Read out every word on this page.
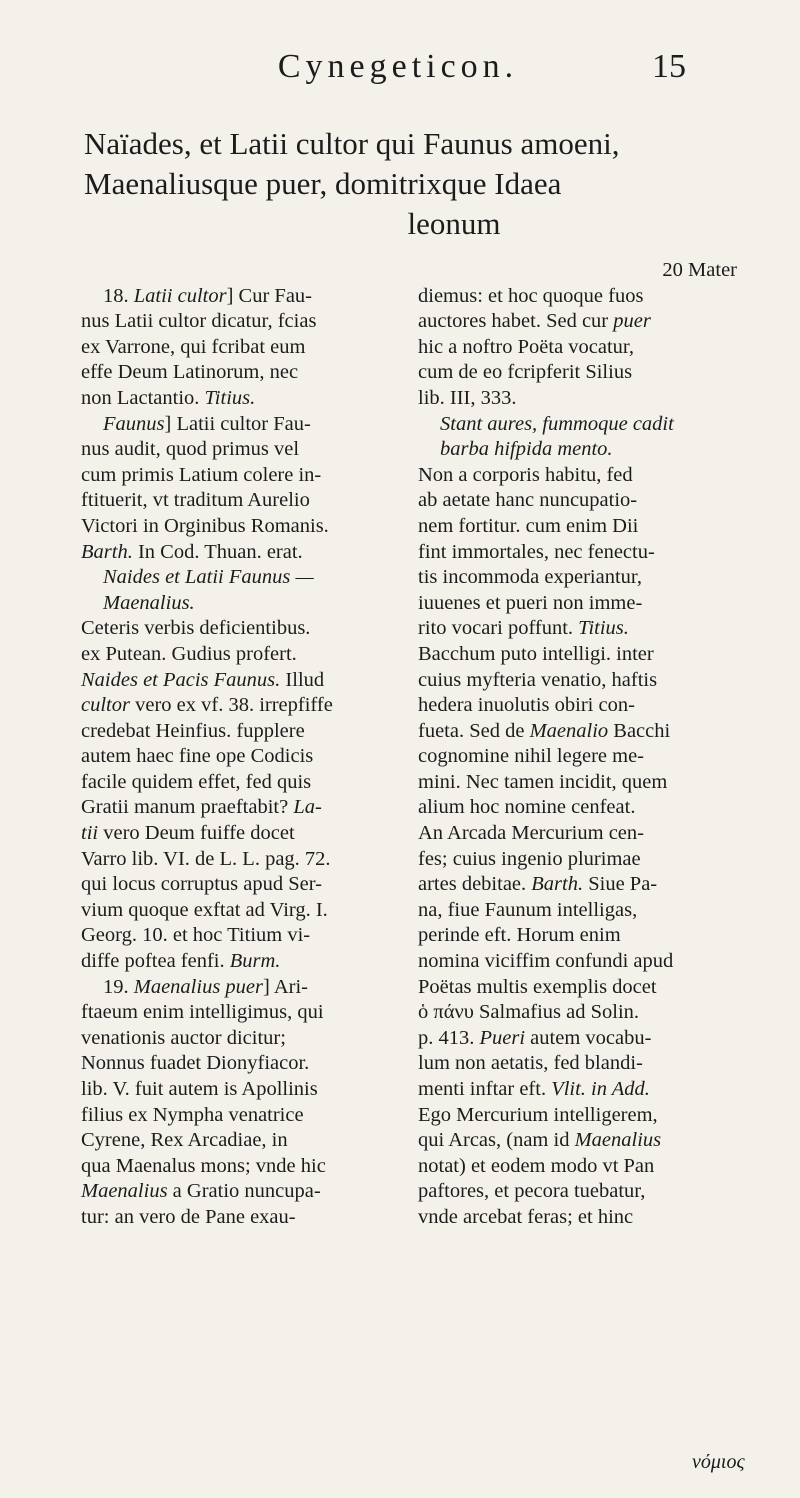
Cynegeticon.	15
Naïades, et Latii cultor qui Faunus amoeni,
Maenaliusque puer, domitrixque Idaea
leonum

18. Latii cultor] Cur Fau-

nus Latii cultor dicatur, fcias

ex Varrone, qui fcribat eum

effe Deum Latinorum, nec

non Lactantio. Titius.

Faunus] Latii cultor Fau-

nus audit, quod primus vel

cum primis Latium colere in-

ftituerit, vt traditum Aurelio

Victori in Orginibus Romanis.

Barth. In Cod. Thuan. erat.

Naides et Latii Faunus —

Maenalius.

Ceteris verbis deficientibus.

ex Putean. Gudius profert.

Naides et Pacis Faunus. Illud

cultor vero ex vf. 38. irrepfiffe

credebat Heinfius. fupplere

autem haec fine ope Codicis

facile quidem effet, fed quis

Gratii manum praeftabit? La-

tii vero Deum fuiffe docet

Varro lib. VI. de L. L. pag. 72.

qui locus corruptus apud Ser-

vium quoque exftat ad Virg. I.

Georg. 10. et hoc Titium vi-

diffe poftea fenfi. Burm.

19. Maenalius puer] Ari-

ftaeum enim intelligimus, qui

venationis auctor dicitur;

Nonnus fuadet Dionyfiacor.

lib. V. fuit autem is Apollinis

filius ex Nympha venatrice

Cyrene, Rex Arcadiae, in

qua Maenalus mons; vnde hic

Maenalius a Gratio nuncupa-

tur: an vero de Pane exau-

20 Mater

diemus: et hoc quoque fuos

auctores habet. Sed cur puer

hic a noftro Poëta vocatur,

cum de eo fcripferit Silius

lib. III, 333.

Stant aures, fummoque cadit

barba hifpida mento.

Non a corporis habitu, fed

ab aetate hanc nuncupatio-

nem fortitur. cum enim Dii

fint immortales, nec fenectu-

tis incommoda experiantur,

iuuenes et pueri non imme-

rito vocari poffunt. Titius.

Bacchum puto intelligi. inter

cuius myfteria venatio, haftis

hedera inuolutis obiri con-

fueta. Sed de Maenalio Bacchi

cognomine nihil legere me-

mini. Nec tamen incidit, quem

alium hoc nomine cenfeat.

An Arcada Mercurium cen-

fes; cuius ingenio plurimae

artes debitae. Barth. Siue Pa-

na, fiue Faunum intelligas,

perinde eft. Horum enim

nomina viciffim confundi apud

Poëtas multis exemplis docet

ὁ πάνυ Salmafius ad Solin.

p. 413. Pueri autem vocabu-

lum non aetatis, fed blandi-

menti inftar eft. Vlit. in Add.

Ego Mercurium intelligerem,

qui Arcas, (nam id Maenalius

notat) et eodem modo vt Pan

paftores, et pecora tuebatur,

vnde arcebat feras; et hinc

νόμιος
